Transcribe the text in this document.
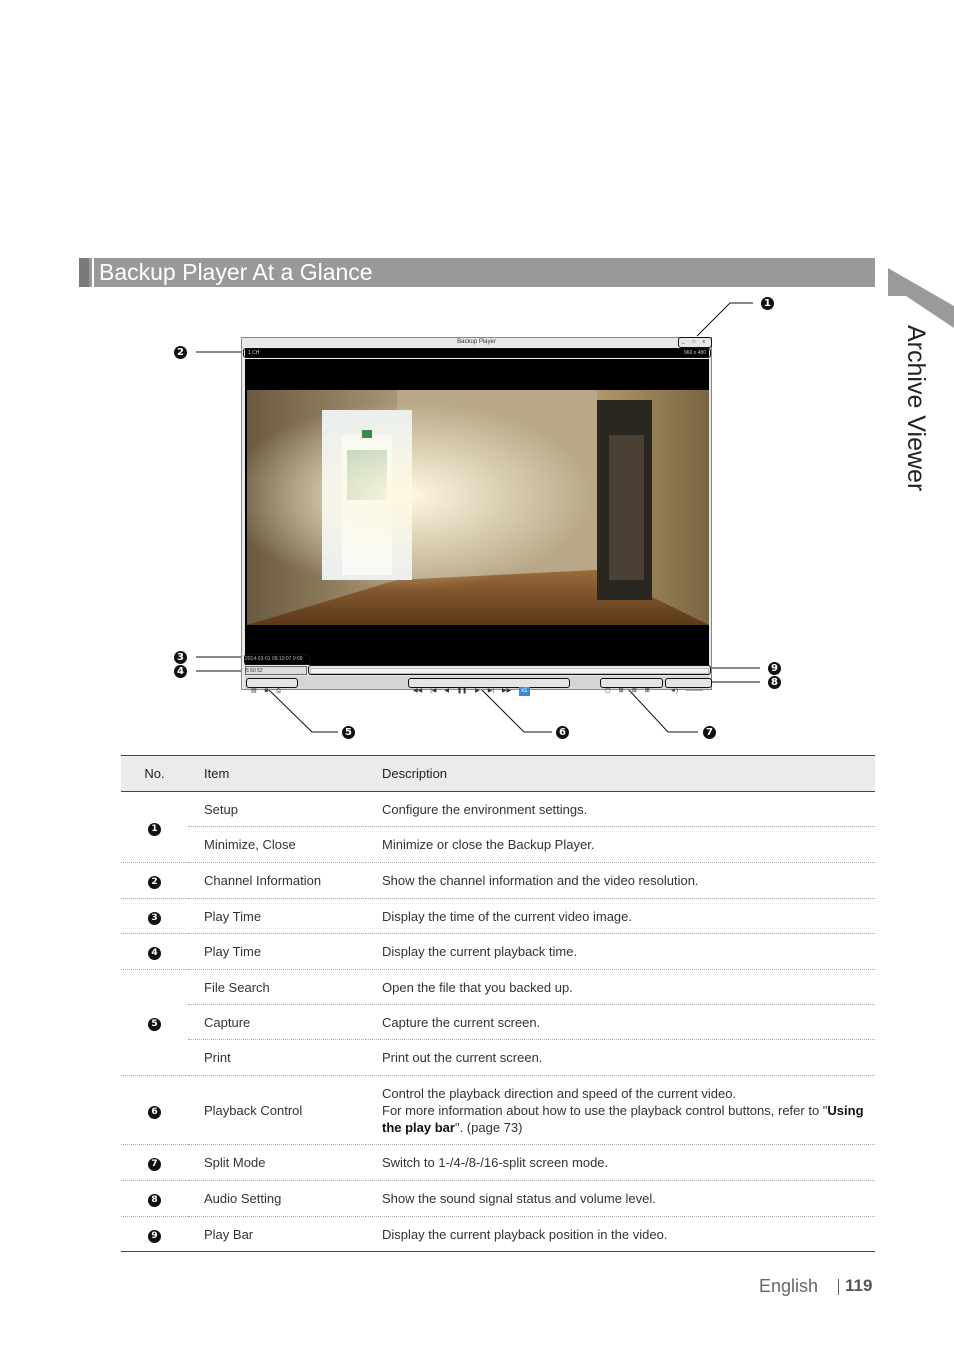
Backup Player At a Glance
Archive Viewer
1
2
3
4	9
8
5	6	7
Backup Player	_ □ x
1 CH	960 x 480
2014-03-01 09:10:07 9:09
5 50 52
▤ ◙ ⎙	◀◀ |◀ ◀ ❚❚ ▶ ▶| ▶▶ x1	▢ ⊞ ⊞ ⊞	◄) ────
No.	Item	Description
1	Setup	Configure the environment settings.
	Minimize, Close	Minimize or close the Backup Player.
2	Channel Information	Show the channel information and the video resolution.
3	Play Time	Display the time of the current video image.
4	Play Time	Display the current playback time.
5	File Search	Open the file that you backed up.
	Capture	Capture the current screen.
	Print	Print out the current screen.
6	Playback Control	Control the playback direction and speed of the current video.
For more information about how to use the playback control buttons, refer to "Using the play bar". (page 73)
7	Split Mode	Switch to 1-/4-/8-/16-split screen mode.
8	Audio Setting	Show the sound signal status and volume level.
9	Play Bar	Display the current playback position in the video.
English 119
